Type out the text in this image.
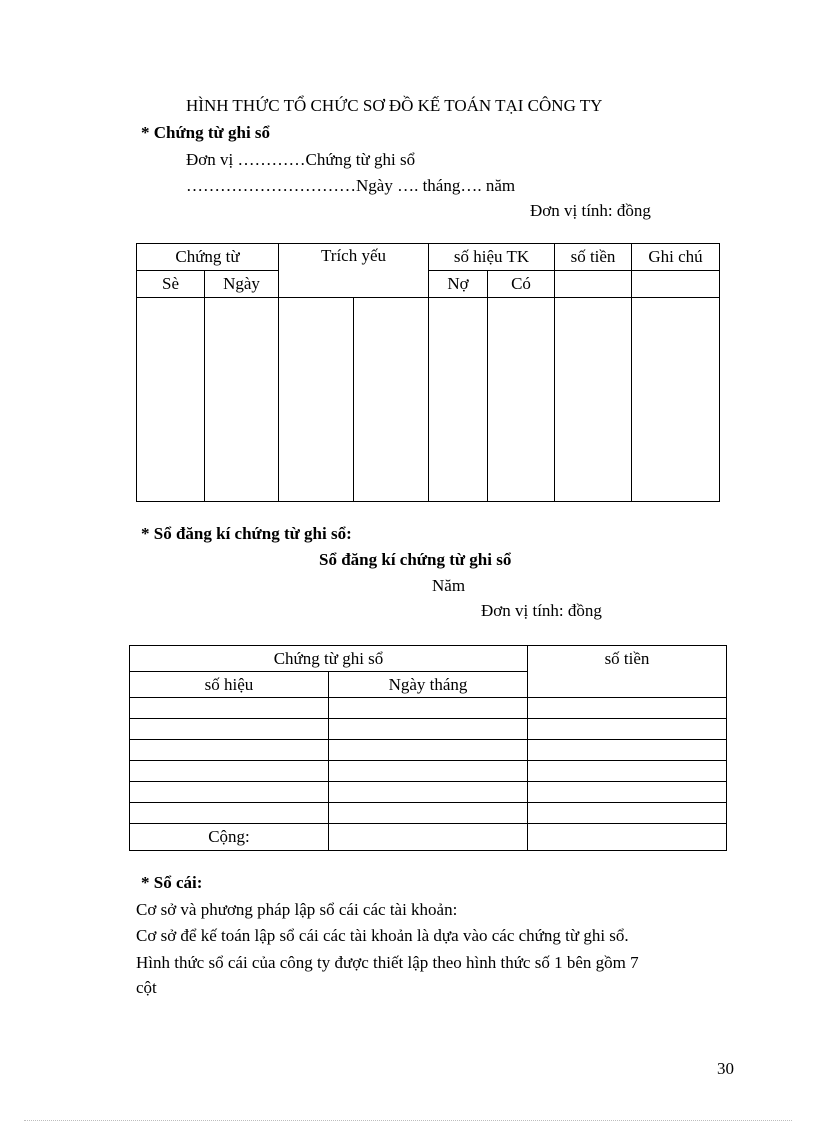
HÌNH THỨC TỔ CHỨC SƠ ĐỒ KẾ TOÁN TẠI CÔNG TY
* Chứng từ ghi sổ
Đơn vị …………Chứng từ ghi sổ
…………………………Ngày …. tháng…. năm
Đơn vị tính: đồng
Chứng từ		Trích yếu		số hiệu TK		số tiền	Ghi chú
Sè	Ngày			Nợ	Có		

* Sổ đăng kí chứng từ ghi sổ:
Sổ đăng kí chứng từ ghi sổ
Năm
Đơn vị tính: đồng
Chứng từ ghi sổ		số tiền
số hiệu	Ngày tháng	

Cộng:		
* Sổ cái:
Cơ sở và phương pháp lập sổ cái các tài khoản:
Cơ sở để kế toán lập sổ cái các tài khoản là dựa vào các chứng từ ghi sổ.
Hình thức sổ cái của công ty được thiết lập theo hình thức số 1 bên gồm 7
cột
30
